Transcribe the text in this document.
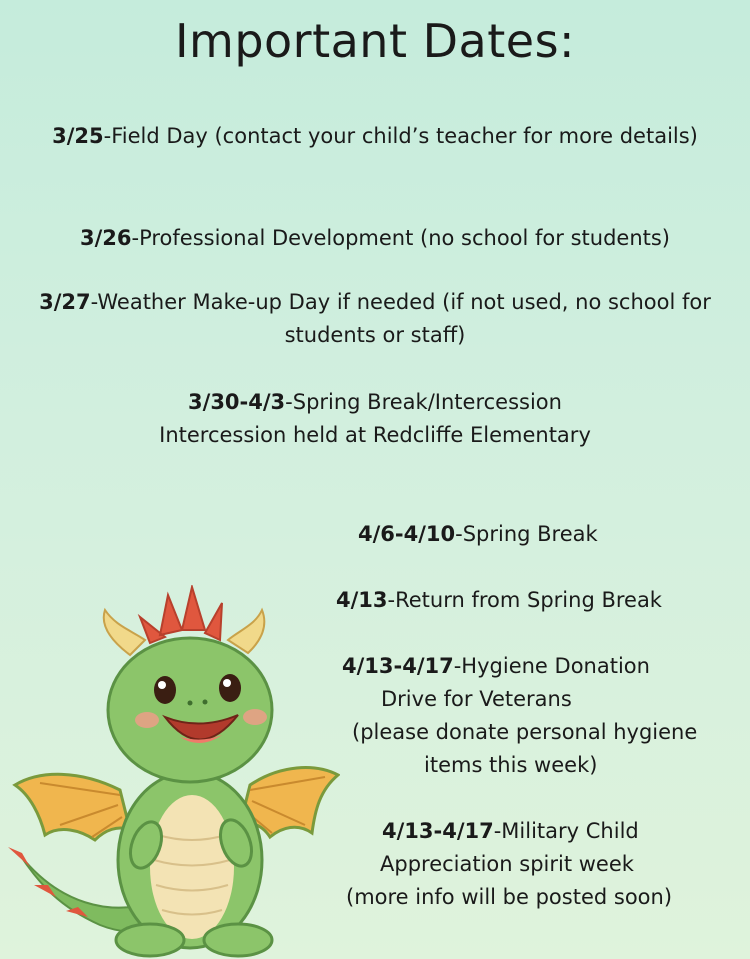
Important Dates:
3/25-Field Day (contact your child’s teacher for more details)
3/26-Professional Development (no school for students)
3/27-Weather Make-up Day if needed (if not used, no school for
students or staff)
3/30-4/3-Spring Break/Intercession
Intercession held at Redcliffe Elementary
4/6-4/10-Spring Break
4/13-Return from Spring Break
4/13-4/17-Hygiene Donation
Drive for Veterans
(please donate personal hygiene
items this week)
4/13-4/17-Military Child
Appreciation spirit week
(more info will be posted soon)
